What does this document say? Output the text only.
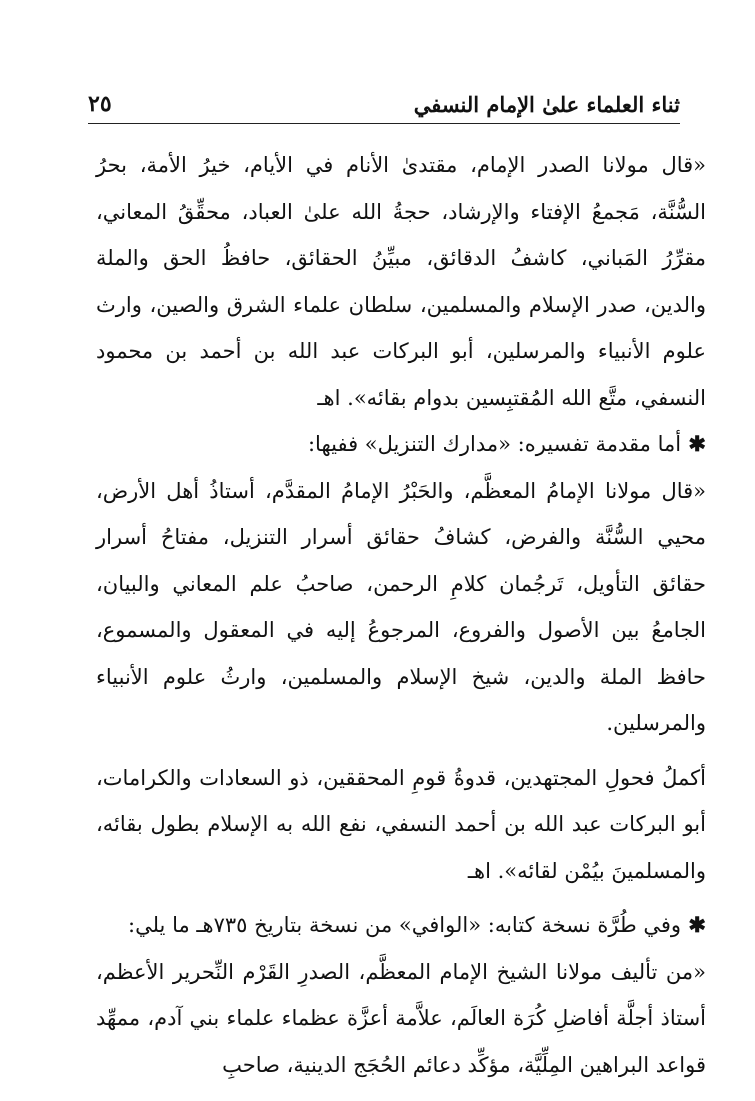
ثناء العلماء علىٰ الإمام النسفي
٢٥

«قال مولانا الصدر الإمام، مقتدىٰ الأنام في الأيام، خيرُ الأمة، بحرُ السُّنَّة، مَجمعُ الإفتاء والإرشاد، حجةُ الله علىٰ العباد، محقِّقُ المعاني، مقرِّرُ المَباني، كاشفُ الدقائق، مبيِّنُ الحقائق، حافظُ الحق والملة والدين، صدر الإسلام والمسلمين، سلطان علماء الشرق والصين، وارث علوم الأنبياء والمرسلين، أبو البركات عبد الله بن أحمد بن محمود النسفي، متَّع الله المُقتبِسين بدوام بقائه». اهـ

✱ أما مقدمة تفسيره: «مدارك التنزيل» ففيها:

«قال مولانا الإمامُ المعظَّم، والحَبْرُ الإمامُ المقدَّم، أستاذُ أهل الأرض، محيي السُّنَّة والفرض، كشافُ حقائق أسرار التنزيل، مفتاحُ أسرار حقائق التأويل، تَرجُمان كلامِ الرحمن، صاحبُ علم المعاني والبيان، الجامعُ بين الأصول والفروع، المرجوعُ إليه في المعقول والمسموع، حافظ الملة والدين، شيخ الإسلام والمسلمين، وارثُ علوم الأنبياء والمرسلين.

أكملُ فحولِ المجتهدين، قدوةُ قومِ المحققين، ذو السعادات والكرامات، أبو البركات عبد الله بن أحمد النسفي، نفع الله به الإسلام بطول بقائه، والمسلمينَ بيُمْن لقائه». اهـ

✱ وفي طُرَّة نسخة كتابه: «الوافي» من نسخة بتاريخ ٧٣٥هـ ما يلي:

«من تأليف مولانا الشيخ الإمام المعظَّم، الصدرِ القَرْم النِّحرير الأعظم، أستاذ أجلَّة أفاضلِ كُرَة العالَم، علاَّمة أعزَّة عظماء علماء بني آدم، ممهِّد قواعد البراهين المِلِّيَّة، مؤكِّد دعائم الحُجَج الدينية، صاحبِ
